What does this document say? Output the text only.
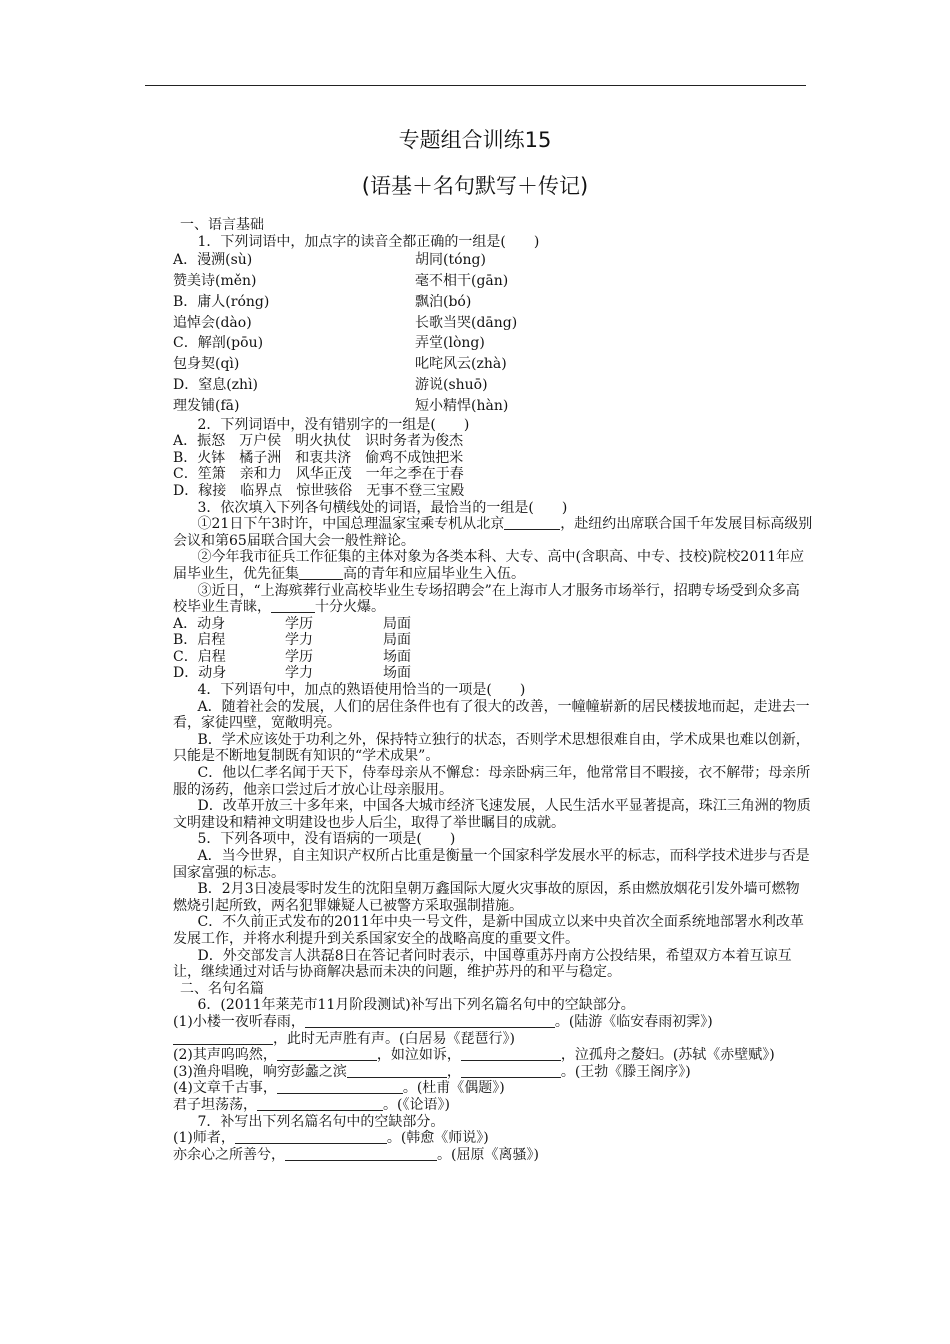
专题组合训练15
(语基＋名句默写＋传记)

一、语言基础

1．下列词语中，加点字的读音全都正确的一组是(　　)

A．漫溯(sù)	胡同(tóng)
赞美诗(měn)	毫不相干(gān)
B．庸人(róng)	飘泊(bó)
追悼会(dào)	长歌当哭(dāng)
C．解剖(pōu)	弄堂(lòng)
包身契(qì)	叱咤风云(zhà)
D．窒息(zhì)	游说(shuō)
理发铺(fā)	短小精悍(hàn)

2．下列词语中，没有错别字的一组是(　　)

A．振怒　万户侯　明火执仗　识时务者为俊杰

B．火钵　橘子洲　和衷共济　偷鸡不成蚀把米

C．笙箫　亲和力　风华正茂　一年之季在于春

D．稼接　临界点　惊世骇俗　无事不登三宝殿

3．依次填入下列各句横线处的词语，最恰当的一组是(　　)

①21日下午3时许，中国总理温家宝乘专机从北京	，赴纽约出席联合国千年发展目标高级别会议和第65届联合国大会一般性辩论。

②今年我市征兵工作征集的主体对象为各类本科、大专、高中(含职高、中专、技校)院校2011年应届毕业生，优先征集	高的青年和应届毕业生入伍。

③近日，“上海殡葬行业高校毕业生专场招聘会”在上海市人才服务市场举行，招聘专场受到众多高校毕业生青睐，	十分火爆。

A．动身	学历	局面
B．启程	学力	局面
C．启程	学历	场面
D．动身	学力	场面

4．下列语句中，加点的熟语使用恰当的一项是(　　)

A．随着社会的发展，人们的居住条件也有了很大的改善，一幢幢崭新的居民楼拔地而起，走进去一看，家徒四壁，宽敞明亮。

B．学术应该处于功利之外，保持特立独行的状态，否则学术思想很难自由，学术成果也难以创新，只能是不断地复制既有知识的“学术成果”。

C．他以仁孝名闻于天下，侍奉母亲从不懈怠：母亲卧病三年，他常常目不暇接，衣不解带；母亲所服的汤药，他亲口尝过后才放心让母亲服用。

D．改革开放三十多年来，中国各大城市经济飞速发展，人民生活水平显著提高，珠江三角洲的物质文明建设和精神文明建设也步人后尘，取得了举世瞩目的成就。

5．下列各项中，没有语病的一项是(　　)

A．当今世界，自主知识产权所占比重是衡量一个国家科学发展水平的标志，而科学技术进步与否是国家富强的标志。

B．2月3日凌晨零时发生的沈阳皇朝万鑫国际大厦火灾事故的原因，系由燃放烟花引发外墙可燃物燃烧引起所致，两名犯罪嫌疑人已被警方采取强制措施。

C．不久前正式发布的2011年中央一号文件，是新中国成立以来中央首次全面系统地部署水利改革发展工作，并将水利提升到关系国家安全的战略高度的重要文件。

D．外交部发言人洪磊8日在答记者问时表示，中国尊重苏丹南方公投结果，希望双方本着互谅互让，继续通过对话与协商解决悬而未决的问题，维护苏丹的和平与稳定。

二、名句名篇

6．(2011年莱芜市11月阶段测试)补写出下列名篇名句中的空缺部分。

(1)小楼一夜听春雨，	。(陆游《临安春雨初霁》)

，此时无声胜有声。(白居易《琵琶行》)

(2)其声呜呜然，	，如泣如诉，	，泣孤舟之嫠妇。(苏轼《赤壁赋》)

(3)渔舟唱晚，响穷彭蠡之滨	，	。(王勃《滕王阁序》)

(4)文章千古事，	。(杜甫《偶题》)

君子坦荡荡，	。(《论语》)

7．补写出下列名篇名句中的空缺部分。

(1)师者，	。(韩愈《师说》)

亦余心之所善兮，	。(屈原《离骚》)
